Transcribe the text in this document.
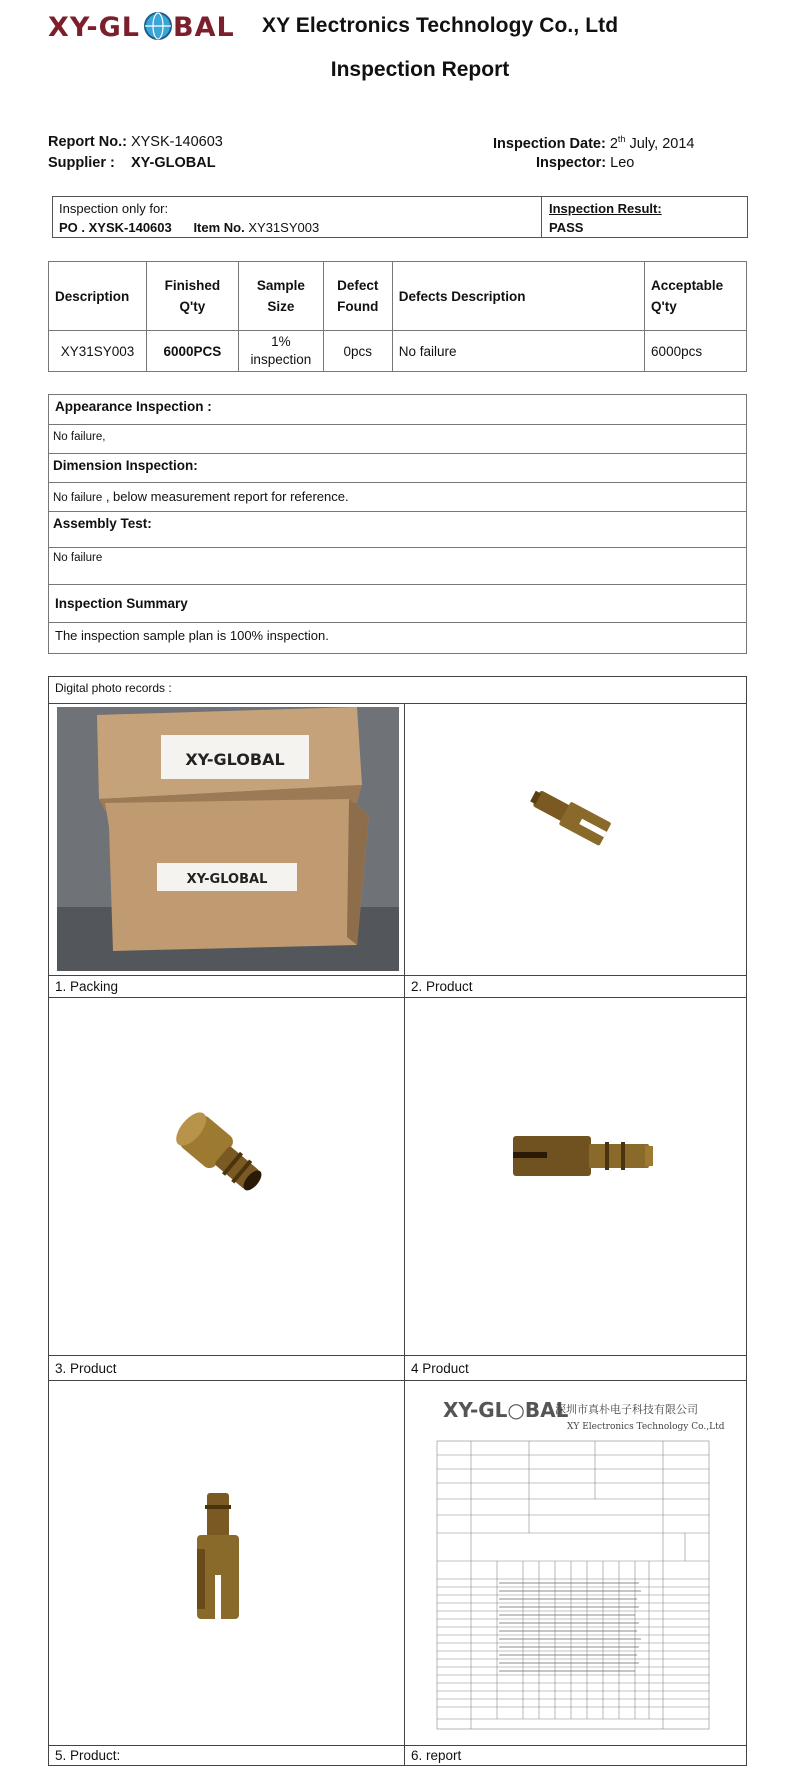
XY-GL BAL XY Electronics Technology Co., Ltd
Inspection Report
Report No.: XYSK-140603
Supplier : XY-GLOBAL
Inspection Date: 2th July, 2014
Inspector: Leo
Inspection only for:
PO . XYSK-140603 Item No. XY31SY003
Inspection Result:
PASS
Description	Finished Q'ty	Sample Size	Defect Found	Defects Description	Acceptable Q'ty
XY31SY003	6000PCS	1% inspection	0pcs	No failure	6000pcs
Appearance Inspection :
No failure,
Dimension Inspection:
No failure , below measurement report for reference.
Assembly Test:
No failure
Inspection Summary
The inspection sample plan is 100% inspection.
Digital photo records :
XY-GLOBAL
XY-GLOBAL
XY-GL○BAL
深圳市真朴电子科技有限公司
XY Electronics Technology Co.,Ltd
1. Packing	2. Product
3. Product	4 Product
5. Product:	6. report
